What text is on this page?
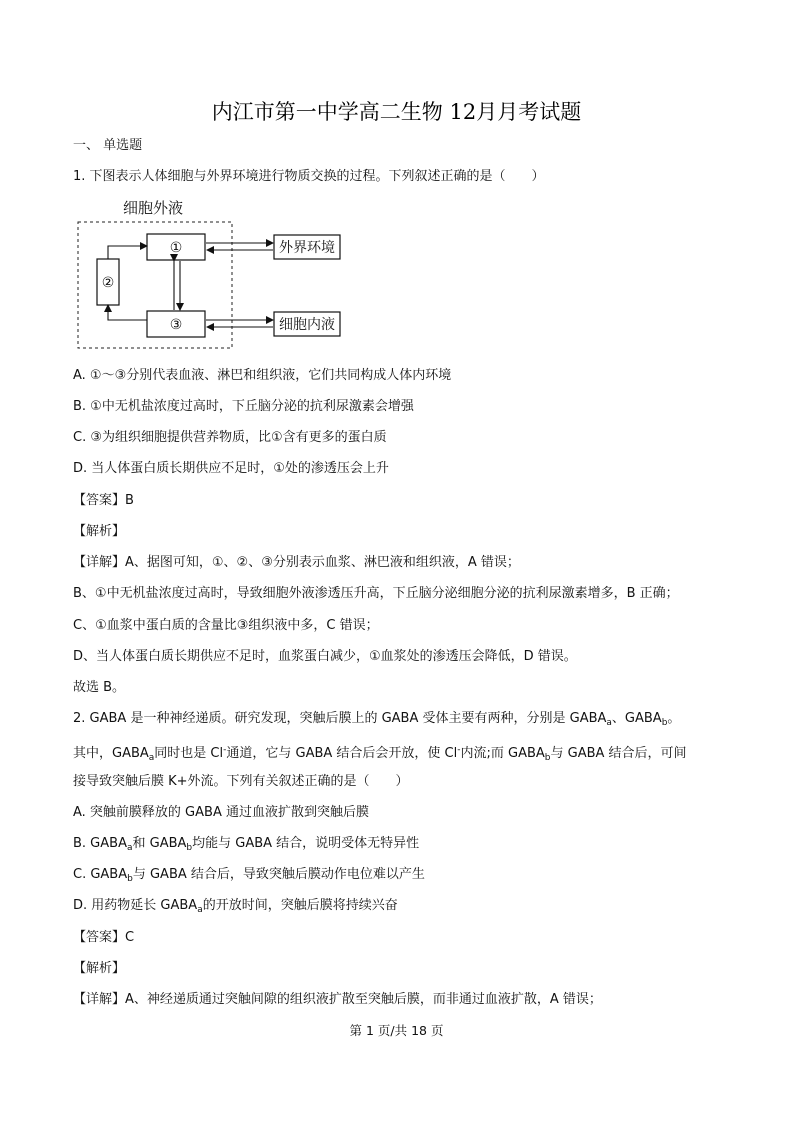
内江市第一中学高二生物 12月月考试题
一、 单选题
1. 下图表示人体细胞与外界环境进行物质交换的过程。下列叙述正确的是（　　）
细胞外液
①
②
③
外界环境
细胞内液
A. ①～③分别代表血液、淋巴和组织液，它们共同构成人体内环境
B. ①中无机盐浓度过高时，下丘脑分泌的抗利尿激素会增强
C. ③为组织细胞提供营养物质，比①含有更多的蛋白质
D. 当人体蛋白质长期供应不足时，①处的渗透压会上升
【答案】B
【解析】
【详解】A、据图可知，①、②、③分别表示血浆、淋巴液和组织液，A 错误；
B、①中无机盐浓度过高时，导致细胞外液渗透压升高，下丘脑分泌细胞分泌的抗利尿激素增多，B 正确；
C、①血浆中蛋白质的含量比③组织液中多，C 错误；
D、当人体蛋白质长期供应不足时，血浆蛋白减少，①血浆处的渗透压会降低，D 错误。
故选 B。
2. GABA 是一种神经递质。研究发现，突触后膜上的 GABA 受体主要有两种，分别是 $GABA_a$、$GABA_b$。
其中，$GABA_a$同时也是 Cl-通道，它与 GABA 结合后会开放，使 Cl-内流;而 $GABA_b$与 GABA 结合后，可间
接导致突触后膜 K+外流。下列有关叙述正确的是（　　）
A. 突触前膜释放的 GABA 通过血液扩散到突触后膜
B. $GABA_a$和 $GABA_b$均能与 GABA 结合，说明受体无特异性
C. $GABA_b$与 GABA 结合后，导致突触后膜动作电位难以产生
D. 用药物延长 $GABA_a$的开放时间，突触后膜将持续兴奋
【答案】C
【解析】
【详解】A、神经递质通过突触间隙的组织液扩散至突触后膜，而非通过血液扩散，A 错误；
第 1 页/共 18 页
